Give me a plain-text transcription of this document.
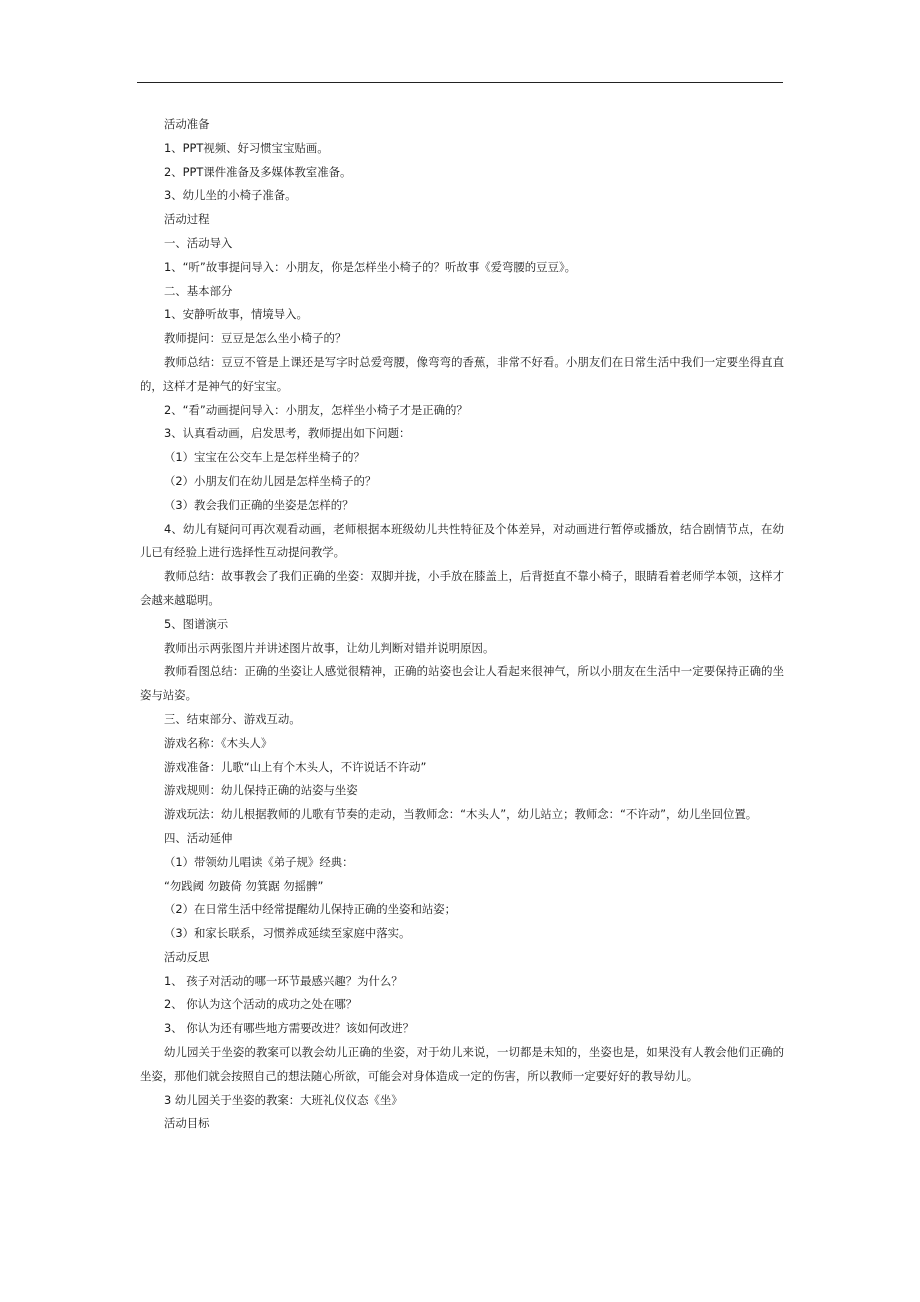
活动准备

1、PPT视频、好习惯宝宝贴画。

2、PPT课件准备及多媒体教室准备。

3、幼儿坐的小椅子准备。

活动过程

一、活动导入

1、“听”故事提问导入：小朋友，你是怎样坐小椅子的？听故事《爱弯腰的豆豆》。

二、基本部分

1、安静听故事，情境导入。

教师提问：豆豆是怎么坐小椅子的？

教师总结：豆豆不管是上课还是写字时总爱弯腰，像弯弯的香蕉，非常不好看。小朋友们在日常生活中我们一定要坐得直直的，这样才是神气的好宝宝。

2、“看”动画提问导入：小朋友，怎样坐小椅子才是正确的？

3、认真看动画，启发思考，教师提出如下问题：

（1）宝宝在公交车上是怎样坐椅子的？

（2）小朋友们在幼儿园是怎样坐椅子的？

（3）教会我们正确的坐姿是怎样的？

4、幼儿有疑问可再次观看动画，老师根据本班级幼儿共性特征及个体差异，对动画进行暂停或播放，结合剧情节点，在幼儿已有经验上进行选择性互动提问教学。

教师总结：故事教会了我们正确的坐姿：双脚并拢，小手放在膝盖上，后背挺直不靠小椅子，眼睛看着老师学本领，这样才会越来越聪明。

5、图谱演示

教师出示两张图片并讲述图片故事，让幼儿判断对错并说明原因。

教师看图总结：正确的坐姿让人感觉很精神，正确的站姿也会让人看起来很神气，所以小朋友在生活中一定要保持正确的坐姿与站姿。

三、结束部分、游戏互动。

游戏名称：《木头人》

游戏准备：儿歌“山上有个木头人，不许说话不许动”

游戏规则：幼儿保持正确的站姿与坐姿

游戏玩法：幼儿根据教师的儿歌有节奏的走动，当教师念：“木头人”，幼儿站立；教师念：“不许动”，幼儿坐回位置。

四、活动延伸

（1）带领幼儿唱读《弟子规》经典：

“勿践阈 勿跛倚 勿箕踞 勿摇髀”

（2）在日常生活中经常提醒幼儿保持正确的坐姿和站姿；

（3）和家长联系，习惯养成延续至家庭中落实。

活动反思

1、 孩子对活动的哪一环节最感兴趣？为什么？

2、 你认为这个活动的成功之处在哪？

3、 你认为还有哪些地方需要改进？该如何改进？

幼儿园关于坐姿的教案可以教会幼儿正确的坐姿，对于幼儿来说，一切都是未知的，坐姿也是，如果没有人教会他们正确的坐姿，那他们就会按照自己的想法随心所欲，可能会对身体造成一定的伤害，所以教师一定要好好的教导幼儿。

3 幼儿园关于坐姿的教案：大班礼仪仪态《坐》

活动目标
